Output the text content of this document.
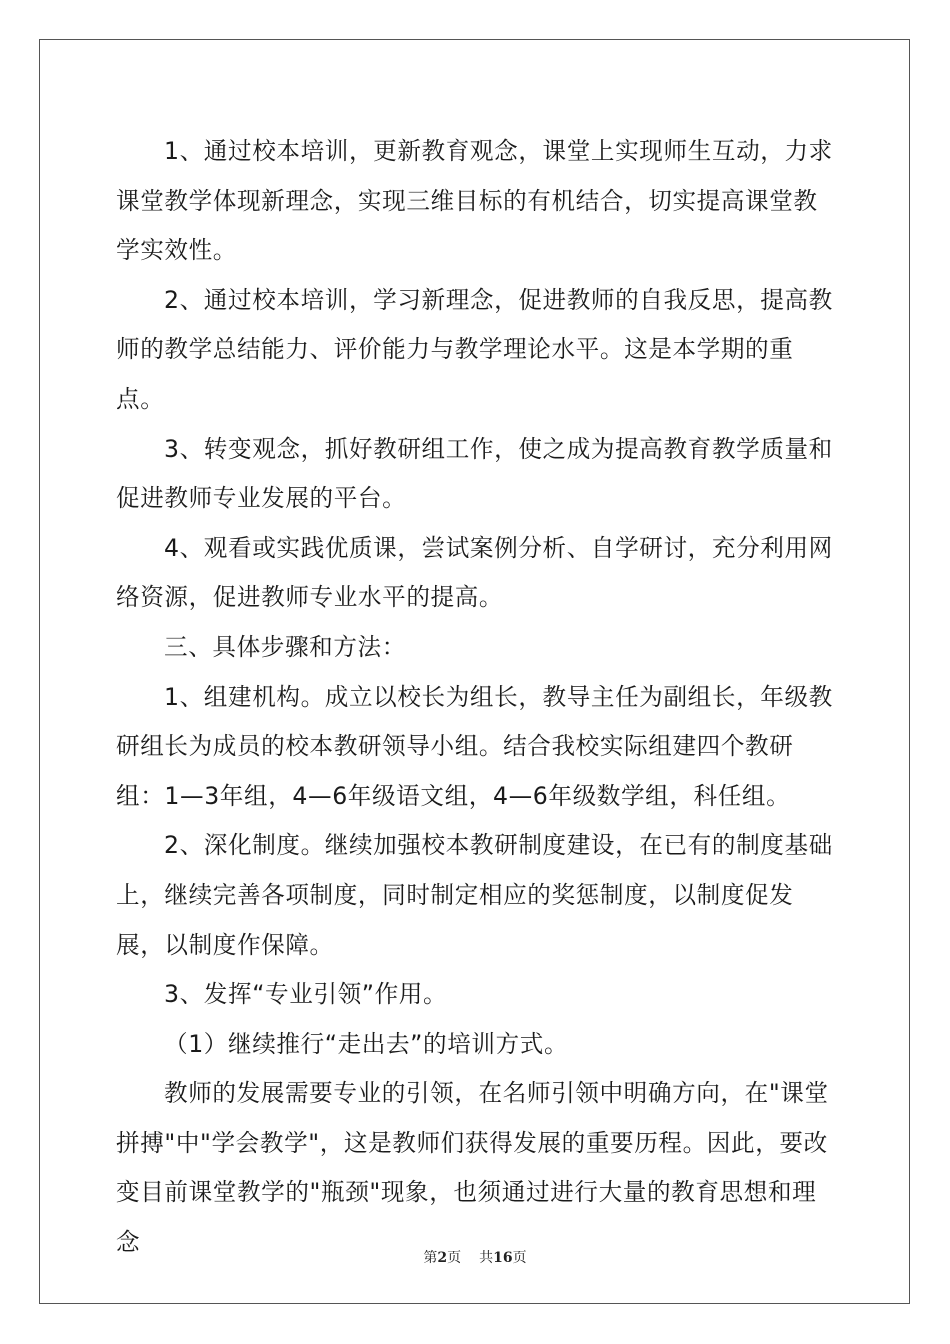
1、通过校本培训，更新教育观念，课堂上实现师生互动，力求课堂教学体现新理念，实现三维目标的有机结合，切实提高课堂教学实效性。

2、通过校本培训，学习新理念，促进教师的自我反思，提高教师的教学总结能力、评价能力与教学理论水平。这是本学期的重点。

3、转变观念，抓好教研组工作，使之成为提高教育教学质量和促进教师专业发展的平台。

4、观看或实践优质课，尝试案例分析、自学研讨，充分利用网络资源，促进教师专业水平的提高。

三、具体步骤和方法：

1、组建机构。成立以校长为组长，教导主任为副组长，年级教研组长为成员的校本教研领导小组。结合我校实际组建四个教研组：1—3年组，4—6年级语文组，4—6年级数学组，科任组。

2、深化制度。继续加强校本教研制度建设，在已有的制度基础上，继续完善各项制度，同时制定相应的奖惩制度，以制度促发展，以制度作保障。

3、发挥“专业引领”作用。

（1）继续推行“走出去”的培训方式。

教师的发展需要专业的引领，在名师引领中明确方向，在"课堂拼搏"中"学会教学"，这是教师们获得发展的重要历程。因此，要改变目前课堂教学的"瓶颈"现象，也须通过进行大量的教育思想和理念

第2页 共16页
